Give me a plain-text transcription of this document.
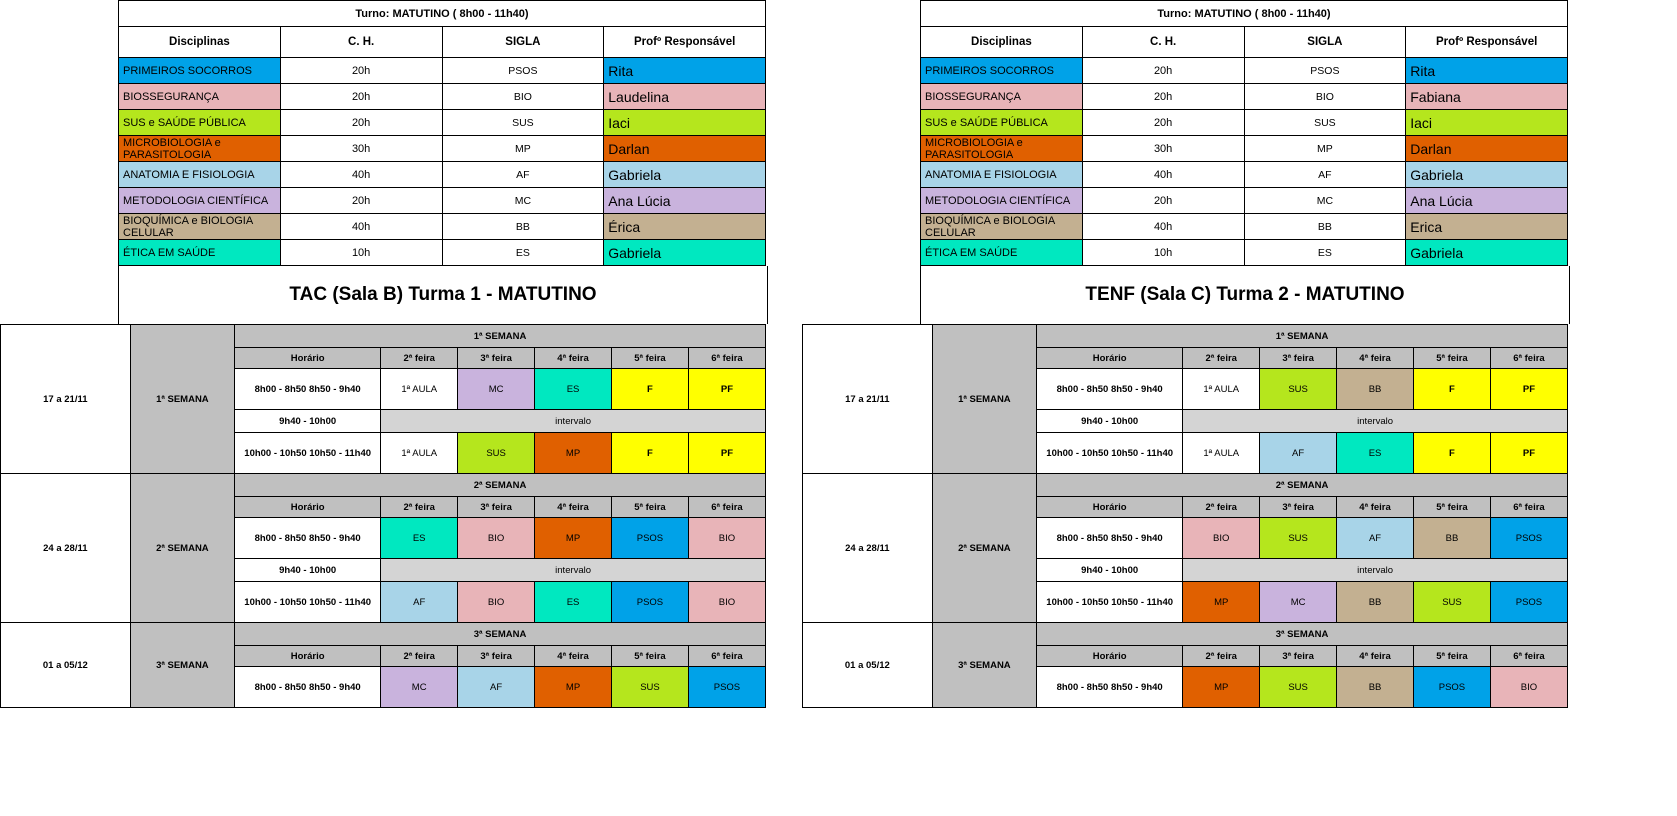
Turno: MATUTINO ( 8h00 - 11h40)			
Disciplinas	C. H.	SIGLA	Profº Responsável
PRIMEIROS SOCORROS	20h	PSOS	Rita
BIOSSEGURANÇA	20h	BIO	Laudelina
SUS e SAÚDE PÚBLICA	20h	SUS	Iaci
MICROBIOLOGIA e PARASITOLOGIA	30h	MP	Darlan
ANATOMIA E FISIOLOGIA	40h	AF	Gabriela
METODOLOGIA CIENTÍFICA	20h	MC	Ana Lúcia
BIOQUÍMICA e BIOLOGIA CELULAR	40h	BB	Érica
ÉTICA EM SAÚDE	10h	ES	Gabriela
TAC (Sala B) Turma 1 - MATUTINO
17 a 21/11	1ª SEMANA	1ª SEMANA					
		Horário	2ª feira	3ª feira	4ª feira	5ª feira	6ª feira
		8h00 - 8h50 8h50 - 9h40	1ª AULA	MC	ES	F	PF
		9h40 - 10h00	intervalo				
		10h00 - 10h50 10h50 - 11h40	1ª AULA	SUS	MP	F	PF
24 a 28/11	2ª SEMANA	2ª SEMANA					
		Horário	2ª feira	3ª feira	4ª feira	5ª feira	6ª feira
		8h00 - 8h50 8h50 - 9h40	ES	BIO	MP	PSOS	BIO
		9h40 - 10h00	intervalo				
		10h00 - 10h50 10h50 - 11h40	AF	BIO	ES	PSOS	BIO
01 a 05/12	3ª SEMANA	3ª SEMANA					
		Horário	2ª feira	3ª feira	4ª feira	5ª feira	6ª feira
		8h00 - 8h50 8h50 - 9h40	MC	AF	MP	SUS	PSOS
Turno: MATUTINO ( 8h00 - 11h40)			
Disciplinas	C. H.	SIGLA	Profº Responsável
PRIMEIROS SOCORROS	20h	PSOS	Rita
BIOSSEGURANÇA	20h	BIO	Fabiana
SUS e SAÚDE PÚBLICA	20h	SUS	Iaci
MICROBIOLOGIA e PARASITOLOGIA	30h	MP	Darlan
ANATOMIA E FISIOLOGIA	40h	AF	Gabriela
METODOLOGIA CIENTÍFICA	20h	MC	Ana Lúcia
BIOQUÍMICA e BIOLOGIA CELULAR	40h	BB	Erica
ÉTICA EM SAÚDE	10h	ES	Gabriela
TENF (Sala C) Turma 2 - MATUTINO
17 a 21/11	1ª SEMANA	1ª SEMANA					
		Horário	2ª feira	3ª feira	4ª feira	5ª feira	6ª feira
		8h00 - 8h50 8h50 - 9h40	1ª AULA	SUS	BB	F	PF
		9h40 - 10h00	intervalo				
		10h00 - 10h50 10h50 - 11h40	1ª AULA	AF	ES	F	PF
24 a 28/11	2ª SEMANA	2ª SEMANA					
		Horário	2ª feira	3ª feira	4ª feira	5ª feira	6ª feira
		8h00 - 8h50 8h50 - 9h40	BIO	SUS	AF	BB	PSOS
		9h40 - 10h00	intervalo				
		10h00 - 10h50 10h50 - 11h40	MP	MC	BB	SUS	PSOS
01 a 05/12	3ª SEMANA	3ª SEMANA					
		Horário	2ª feira	3ª feira	4ª feira	5ª feira	6ª feira
		8h00 - 8h50 8h50 - 9h40	MP	SUS	BB	PSOS	BIO
